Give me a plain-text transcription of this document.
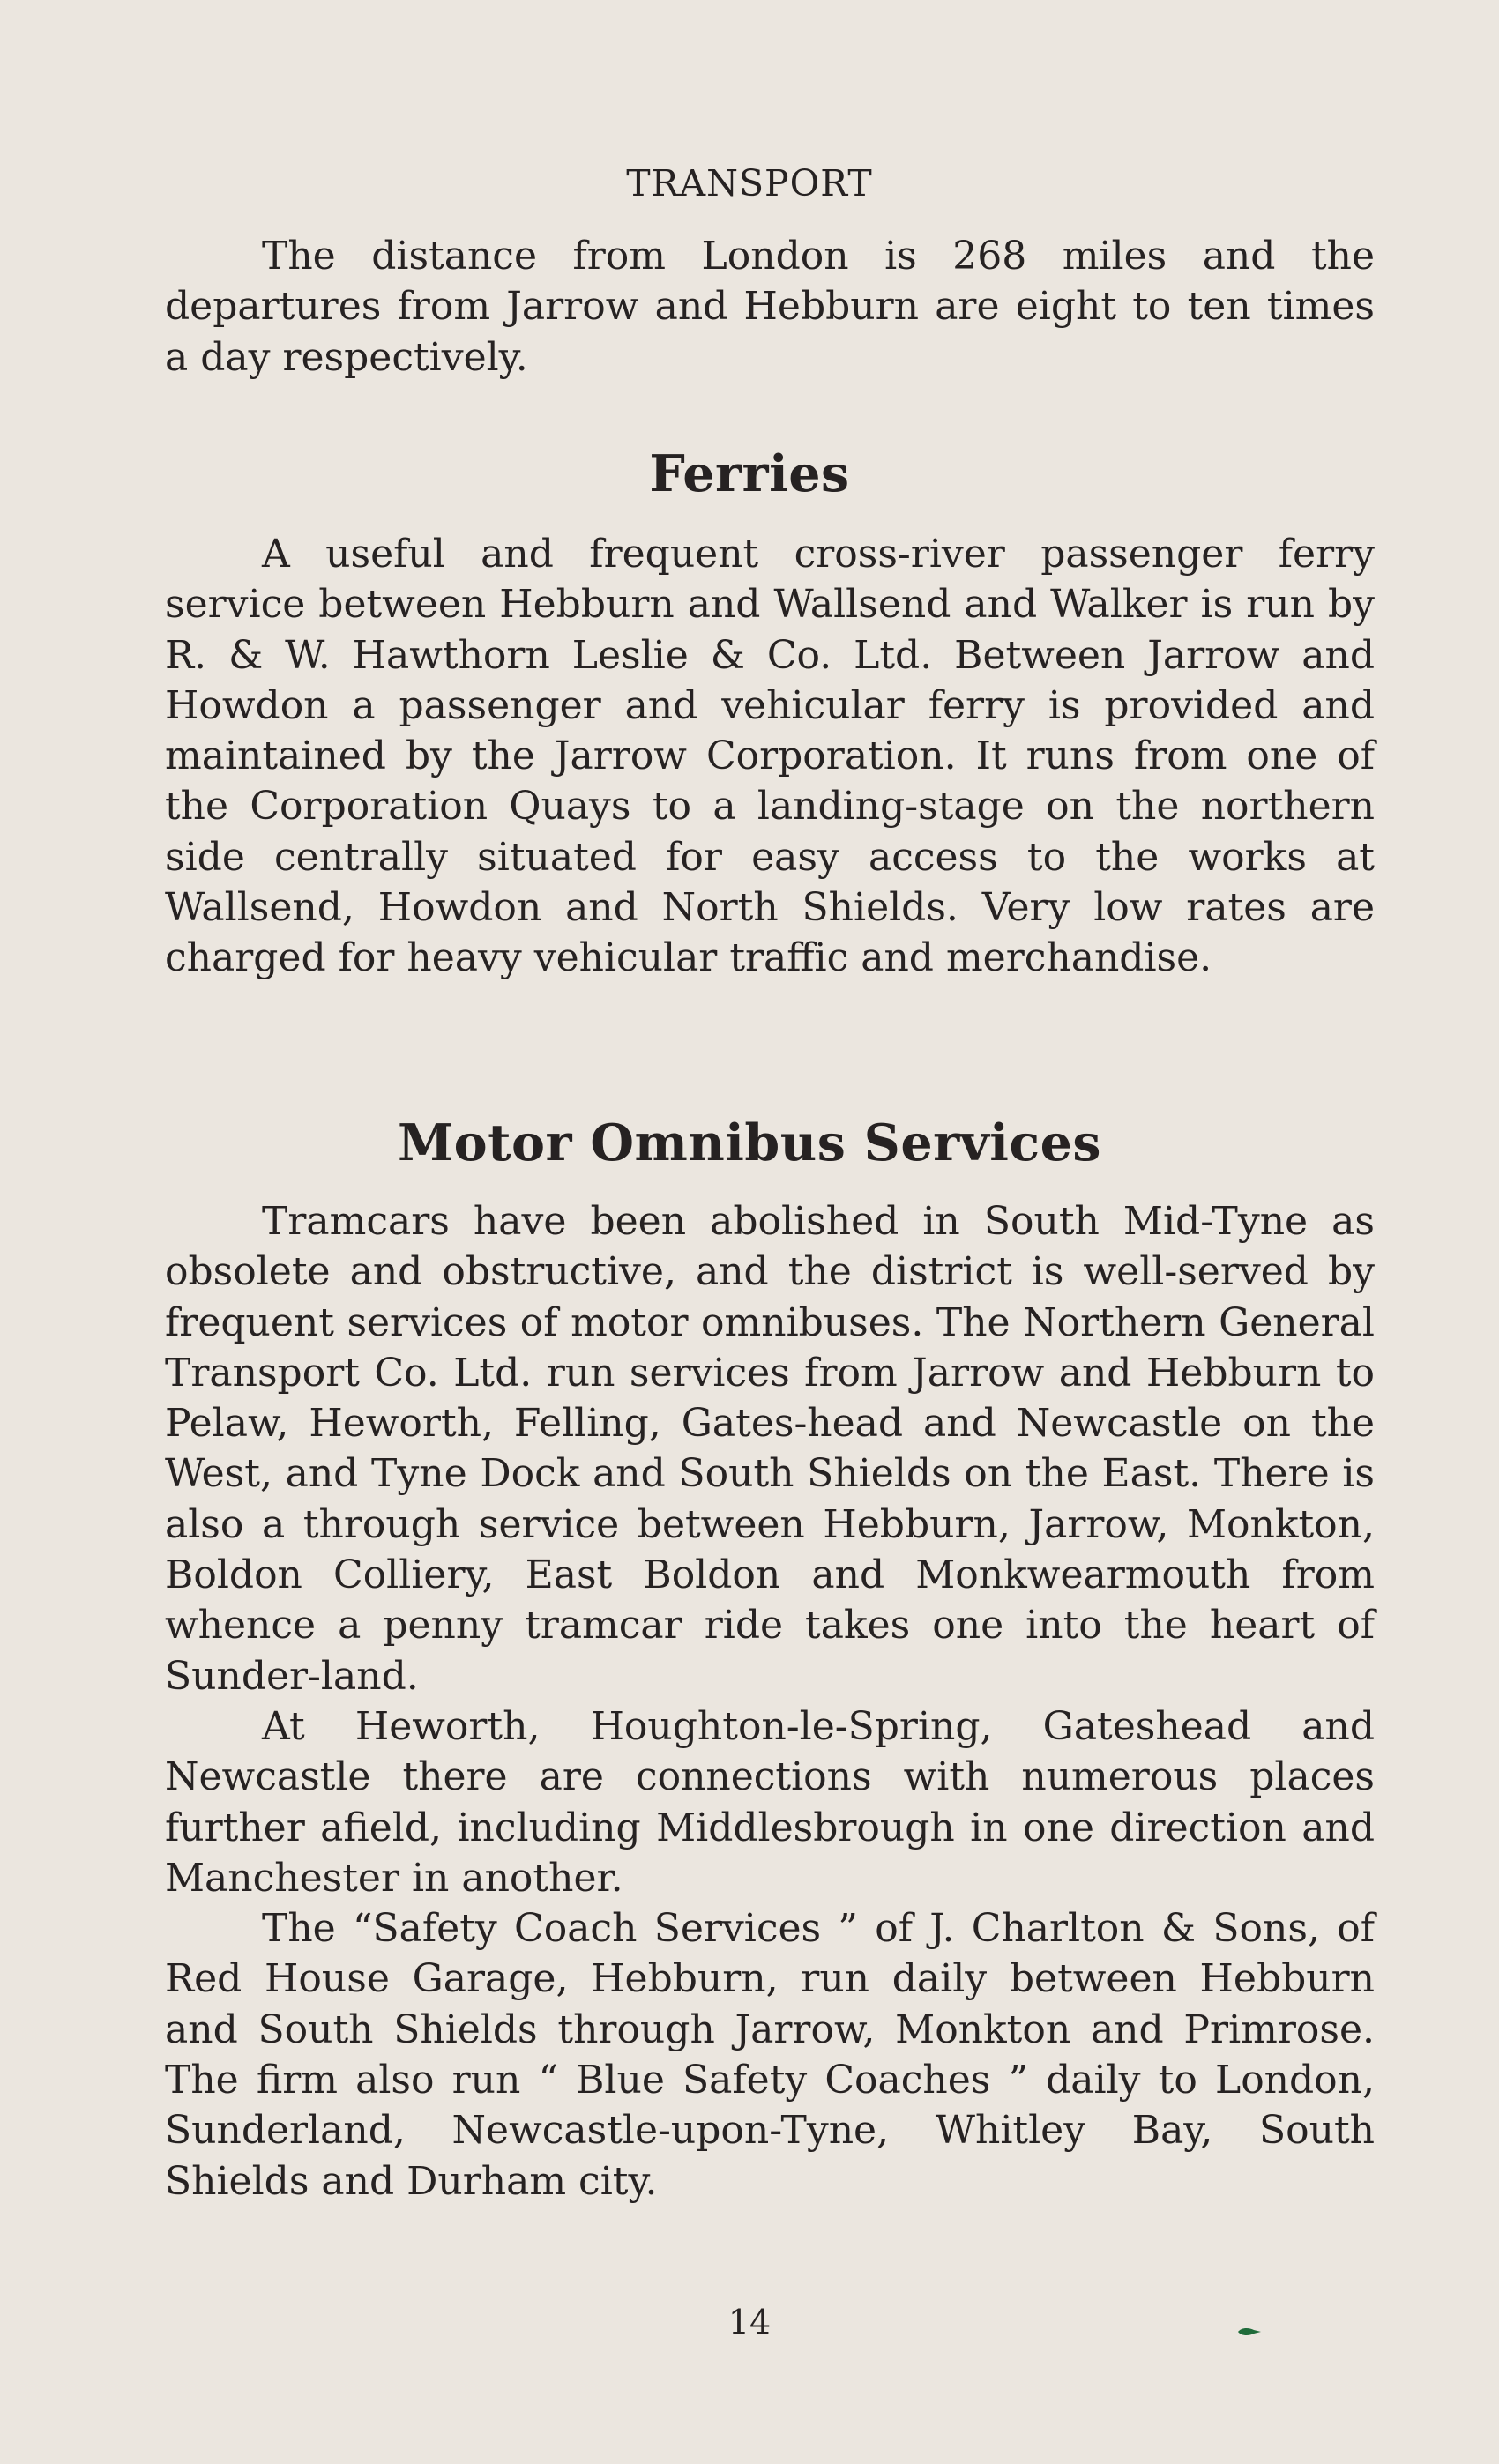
TRANSPORT

The distance from London is 268 miles and the departures from Jarrow and Hebburn are eight to ten times a day respectively.

Ferries

A useful and frequent cross-river passenger ferry service between Hebburn and Wallsend and Walker is run by R. & W. Hawthorn Leslie & Co. Ltd. Between Jarrow and Howdon a passenger and vehicular ferry is provided and maintained by the Jarrow Corporation. It runs from one of the Corporation Quays to a landing-stage on the northern side centrally situated for easy access to the works at Wallsend, Howdon and North Shields. Very low rates are charged for heavy vehicular traffic and merchandise.

Motor Omnibus Services

Tramcars have been abolished in South Mid-Tyne as obsolete and obstructive, and the district is well-served by frequent services of motor omnibuses. The Northern General Transport Co. Ltd. run services from Jarrow and Hebburn to Pelaw, Heworth, Felling, Gates-head and Newcastle on the West, and Tyne Dock and South Shields on the East. There is also a through service between Hebburn, Jarrow, Monkton, Boldon Colliery, East Boldon and Monkwearmouth from whence a penny tramcar ride takes one into the heart of Sunder-land.

At Heworth, Houghton-le-Spring, Gateshead and Newcastle there are connections with numerous places further afield, including Middlesbrough in one direction and Manchester in another.

The “Safety Coach Services ” of J. Charlton & Sons, of Red House Garage, Hebburn, run daily between Hebburn and South Shields through Jarrow, Monkton and Primrose. The firm also run “ Blue Safety Coaches ” daily to London, Sunderland, Newcastle-upon-Tyne, Whitley Bay, South Shields and Durham city.

14
